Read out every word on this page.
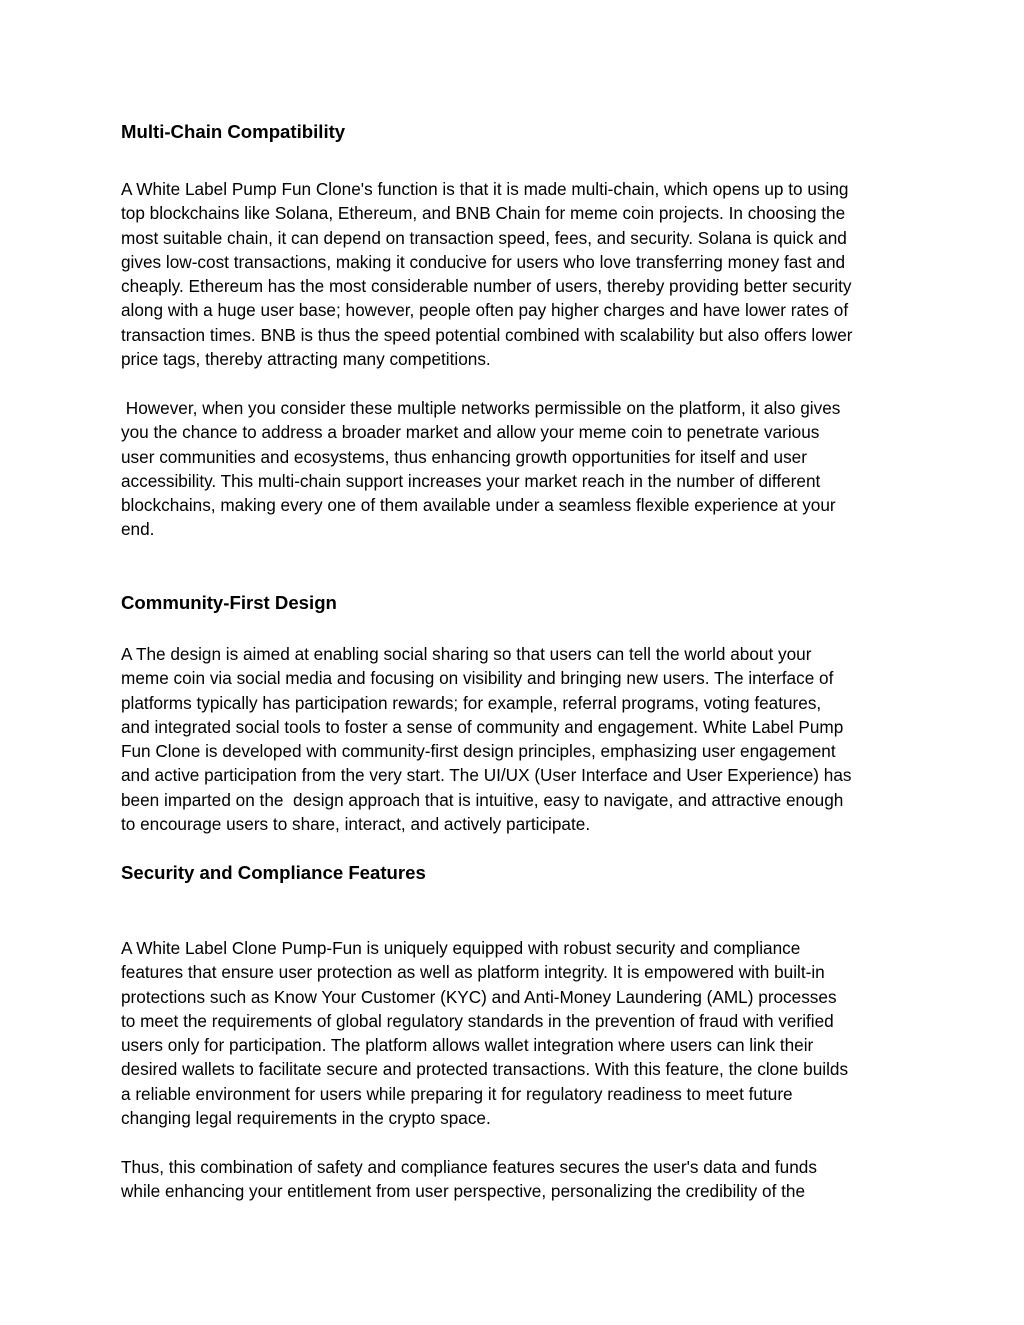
Multi-Chain Compatibility

A White Label Pump Fun Clone's function is that it is made multi-chain, which opens up to using
top blockchains like Solana, Ethereum, and BNB Chain for meme coin projects. In choosing the
most suitable chain, it can depend on transaction speed, fees, and security. Solana is quick and
gives low-cost transactions, making it conducive for users who love transferring money fast and
cheaply. Ethereum has the most considerable number of users, thereby providing better security
along with a huge user base; however, people often pay higher charges and have lower rates of
transaction times. BNB is thus the speed potential combined with scalability but also offers lower
price tags, thereby attracting many competitions.

However, when you consider these multiple networks permissible on the platform, it also gives
you the chance to address a broader market and allow your meme coin to penetrate various
user communities and ecosystems, thus enhancing growth opportunities for itself and user
accessibility. This multi-chain support increases your market reach in the number of different
blockchains, making every one of them available under a seamless flexible experience at your
end.

Community-First Design

A The design is aimed at enabling social sharing so that users can tell the world about your
meme coin via social media and focusing on visibility and bringing new users. The interface of
platforms typically has participation rewards; for example, referral programs, voting features,
and integrated social tools to foster a sense of community and engagement. White Label Pump
Fun Clone is developed with community-first design principles, emphasizing user engagement
and active participation from the very start. The UI/UX (User Interface and User Experience) has
been imparted on the  design approach that is intuitive, easy to navigate, and attractive enough
to encourage users to share, interact, and actively participate.

Security and Compliance Features

A White Label Clone Pump-Fun is uniquely equipped with robust security and compliance
features that ensure user protection as well as platform integrity. It is empowered with built-in
protections such as Know Your Customer (KYC) and Anti-Money Laundering (AML) processes
to meet the requirements of global regulatory standards in the prevention of fraud with verified
users only for participation. The platform allows wallet integration where users can link their
desired wallets to facilitate secure and protected transactions. With this feature, the clone builds
a reliable environment for users while preparing it for regulatory readiness to meet future
changing legal requirements in the crypto space.

Thus, this combination of safety and compliance features secures the user's data and funds
while enhancing your entitlement from user perspective, personalizing the credibility of the
